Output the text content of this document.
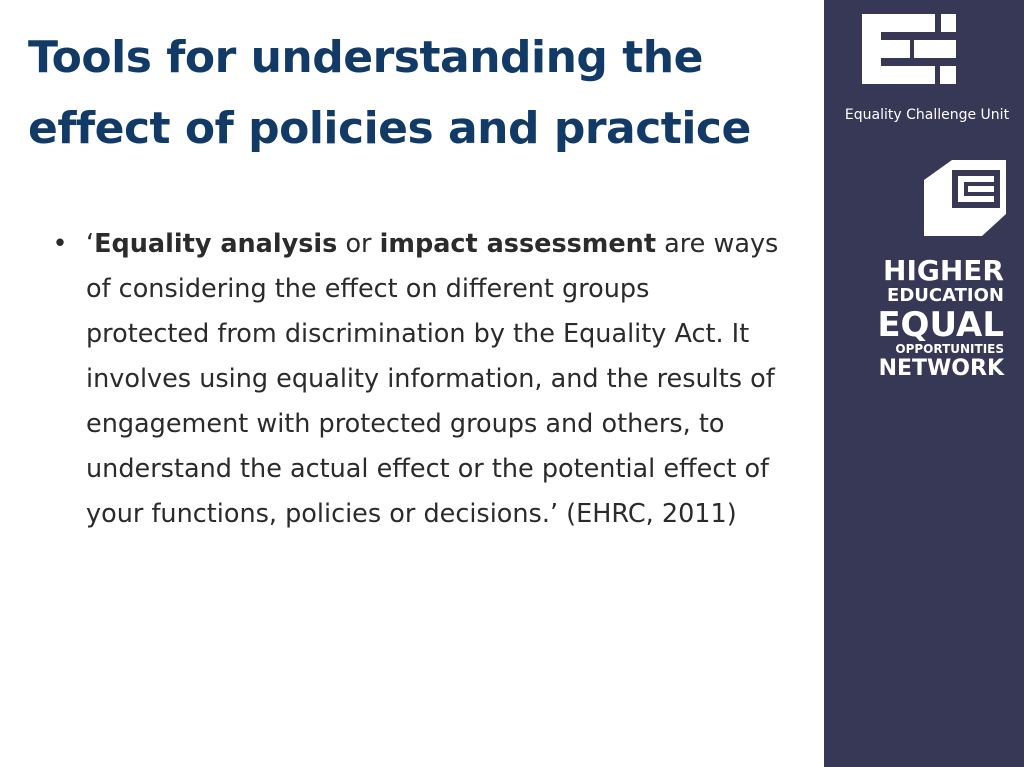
Tools for understanding the effect of policies and practice
• ‘Equality analysis or impact assessment are ways of considering the effect on different groups protected from discrimination by the Equality Act. It involves using equality information, and the results of engagement with protected groups and others, to understand the actual effect or the potential effect of your functions, policies or decisions.’ (EHRC, 2011)
Equality Challenge Unit
HIGHER
EDUCATION
EQUAL
OPPORTUNITIES
NETWORK
